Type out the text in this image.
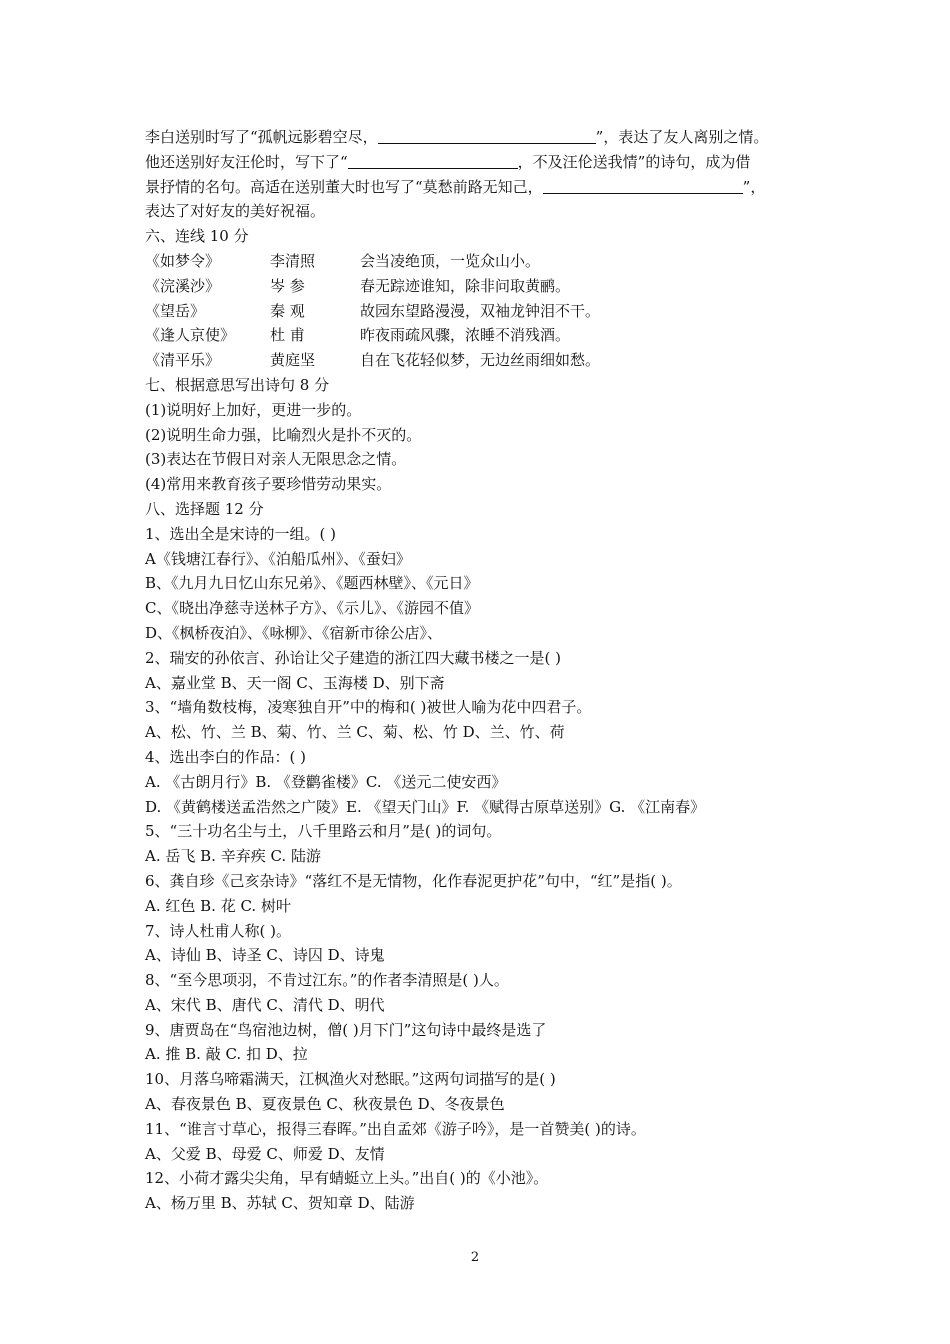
李白送别时写了“孤帆远影碧空尽，	”，表达了友人离别之情。
他还送别好友汪伦时，写下了“	，不及汪伦送我情”的诗句，成为借
景抒情的名句。高适在送别董大时也写了“莫愁前路无知己，	”，
表达了对好友的美好祝福。
六、连线 10 分
《如梦令》	李清照	会当凌绝顶，一览众山小。
《浣溪沙》	岑 参	春无踪迹谁知，除非问取黄鹂。
《望岳》	秦 观	故园东望路漫漫，双袖龙钟泪不干。
《逢人京使》 杜 甫	昨夜雨疏风骤，浓睡不消残酒。
《清平乐》	黄庭坚	自在飞花轻似梦，无边丝雨细如愁。
七、根据意思写出诗句 8 分
(1)说明好上加好，更进一步的。
(2)说明生命力强，比喻烈火是扑不灭的。
(3)表达在节假日对亲人无限思念之情。
(4)常用来教育孩子要珍惜劳动果实。
八、选择题 12 分
1、选出全是宋诗的一组。( )
A《钱塘江春行》、《泊船瓜州》、《蚕妇》
B、《九月九日忆山东兄弟》、《题西林壁》、《元日》
C、《晓出净慈寺送林子方》、《示儿》、《游园不值》
D、《枫桥夜泊》、《咏柳》、《宿新市徐公店》、
2、瑞安的孙依言、孙诒让父子建造的浙江四大藏书楼之一是( )
A、嘉业堂 B、天一阁 C、玉海楼 D、别下斋
3、“墙角数枝梅，凌寒独自开”中的梅和( )被世人喻为花中四君子。
A、松、竹、兰 B、菊、竹、兰 C、菊、松、竹 D、兰、竹、荷
4、选出李白的作品：( )
A. 《古朗月行》B. 《登鹳雀楼》C. 《送元二使安西》
D. 《黄鹤楼送孟浩然之广陵》E. 《望天门山》F. 《赋得古原草送别》G. 《江南春》
5、“三十功名尘与土，八千里路云和月”是( )的词句。
A. 岳飞 B. 辛弃疾 C. 陆游
6、龚自珍《己亥杂诗》“落红不是无情物，化作春泥更护花”句中，“红”是指( )。
A. 红色 B. 花 C. 树叶
7、诗人杜甫人称( )。
A、诗仙 B、诗圣 C、诗囚 D、诗鬼
8、“至今思项羽，不肯过江东。”的作者李清照是( )人。
A、宋代 B、唐代 C、清代 D、明代
9、唐贾岛在“鸟宿池边树，僧( )月下门”这句诗中最终是选了
A. 推 B. 敲 C. 扣 D、拉
10、月落乌啼霜满天，江枫渔火对愁眠。”这两句词描写的是( )
A、春夜景色 B、夏夜景色 C、秋夜景色 D、冬夜景色
11、“谁言寸草心，报得三春晖。”出自孟郊《游子吟》，是一首赞美( )的诗。
A、父爱 B、母爱 C、师爱 D、友情
12、小荷才露尖尖角，早有蜻蜓立上头。”出自( )的《小池》。
A、杨万里 B、苏轼 C、贺知章 D、陆游
2
